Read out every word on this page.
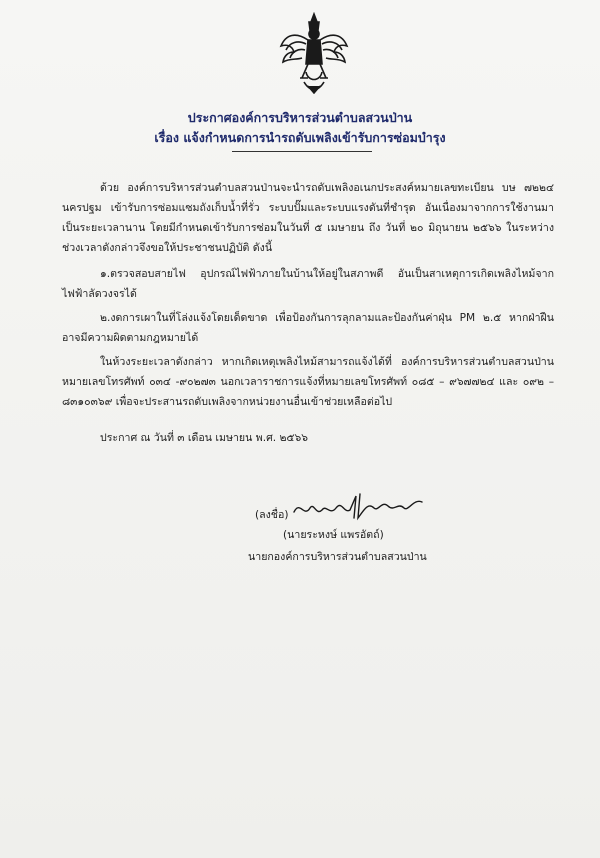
ประกาศองค์การบริหารส่วนตำบลสวนป่าน
เรื่อง แจ้งกำหนดการนำรถดับเพลิงเข้ารับการซ่อมบำรุง
ด้วย องค์การบริหารส่วนตำบลสวนป่านจะนำรถดับเพลิงอเนกประสงค์หมายเลขทะเบียน บษ ๗๒๒๔ นครปฐม เข้ารับการซ่อมแซมถังเก็บน้ำที่รั่ว ระบบปั๊มและระบบแรงดันที่ชำรุด อันเนื่องมาจากการใช้งานมาเป็นระยะเวลานาน โดยมีกำหนดเข้ารับการซ่อมในวันที่ ๕ เมษายน ถึง วันที่ ๒๐ มิถุนายน ๒๕๖๖ ในระหว่างช่วงเวลาดังกล่าวจึงขอให้ประชาชนปฏิบัติ ดังนี้
๑.ตรวจสอบสายไฟ อุปกรณ์ไฟฟ้าภายในบ้านให้อยู่ในสภาพดี อันเป็นสาเหตุการเกิดเพลิงไหม้จากไฟฟ้าลัดวงจรได้
๒.งดการเผาในที่โล่งแจ้งโดยเด็ดขาด เพื่อป้องกันการลุกลามและป้องกันค่าฝุ่น PM ๒.๕ หากฝ่าฝืนอาจมีความผิดตามกฎหมายได้
ในห้วงระยะเวลาดังกล่าว หากเกิดเหตุเพลิงไหม้สามารถแจ้งได้ที่ องค์การบริหารส่วนตำบลสวนป่าน หมายเลขโทรศัพท์ ๐๓๔ -๙๐๒๗๓ นอกเวลาราชการแจ้งที่หมายเลขโทรศัพท์ ๐๘๕ – ๙๖๗๗๒๔ และ ๐๙๒ – ๘๓๑๐๓๖๙ เพื่อจะประสานรถดับเพลิงจากหน่วยงานอื่นเข้าช่วยเหลือต่อไป
ประกาศ ณ วันที่ ๓ เดือน เมษายน พ.ศ. ๒๕๖๖
(ลงชื่อ)
(นายระหงษ์ แพรอัตถ์)
นายกองค์การบริหารส่วนตำบลสวนป่าน
